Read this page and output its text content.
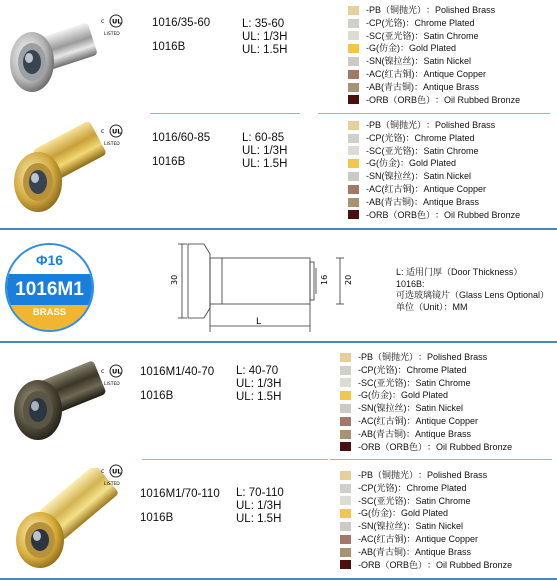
c UL
LISTED
1016/35-60
1016B
L: 35-60
UL: 1/3H
UL: 1.5H
-PB （铜抛光） ： Polished Brass
-CP (光铬) ： Chrome Plated
-SC (亚光铬) ： Satin Chrome
-G (仿金) ： Gold Plated
-SN (镍拉丝) ： Satin Nickel
-AC (红古铜) ： Antique Copper
-AB (青古铜) ： Antique Brass
-ORB （ORB色） ： Oil Rubbed Bronze
c UL
LISTED
1016/60-85
1016B
L: 60-85
UL: 1/3H
UL: 1.5H
-PB （铜抛光） ： Polished Brass
-CP (光铬) ： Chrome Plated
-SC (亚光铬) ： Satin Chrome
-G (仿金) ： Gold Plated
-SN (镍拉丝) ： Satin Nickel
-AC (红古铜) ： Antique Copper
-AB (青古铜) ： Antique Brass
-ORB （ORB色） ： Oil Rubbed Bronze
Φ16
1016M1
BRASS
30	16 20
L
L: 适用门厚（Door Thickness）
1016B:
可选玻璃镜片（Glass Lens Optional）
单位（Unit）：MM
c UL
LISTED
1016M1/40-70
1016B
L: 40-70
UL: 1/3H
UL: 1.5H
-PB （铜抛光） ： Polished Brass
-CP (光铬) ： Chrome Plated
-SC (亚光铬) ： Satin Chrome
-G (仿金) ： Gold Plated
-SN (镍拉丝) ： Satin Nickel
-AC (红古铜) ： Antique Copper
-AB (青古铜) ： Antique Brass
-ORB （ORB色） ： Oil Rubbed Bronze
c UL
LISTED
1016M1/70-110
1016B
L: 70-110
UL: 1/3H
UL: 1.5H
-PB （铜抛光） ： Polished Brass
-CP (光铬) ： Chrome Plated
-SC (亚光铬) ： Satin Chrome
-G (仿金) ： Gold Plated
-SN (镍拉丝) ： Satin Nickel
-AC (红古铜) ： Antique Copper
-AB (青古铜) ： Antique Brass
-ORB （ORB色） ： Oil Rubbed Bronze
